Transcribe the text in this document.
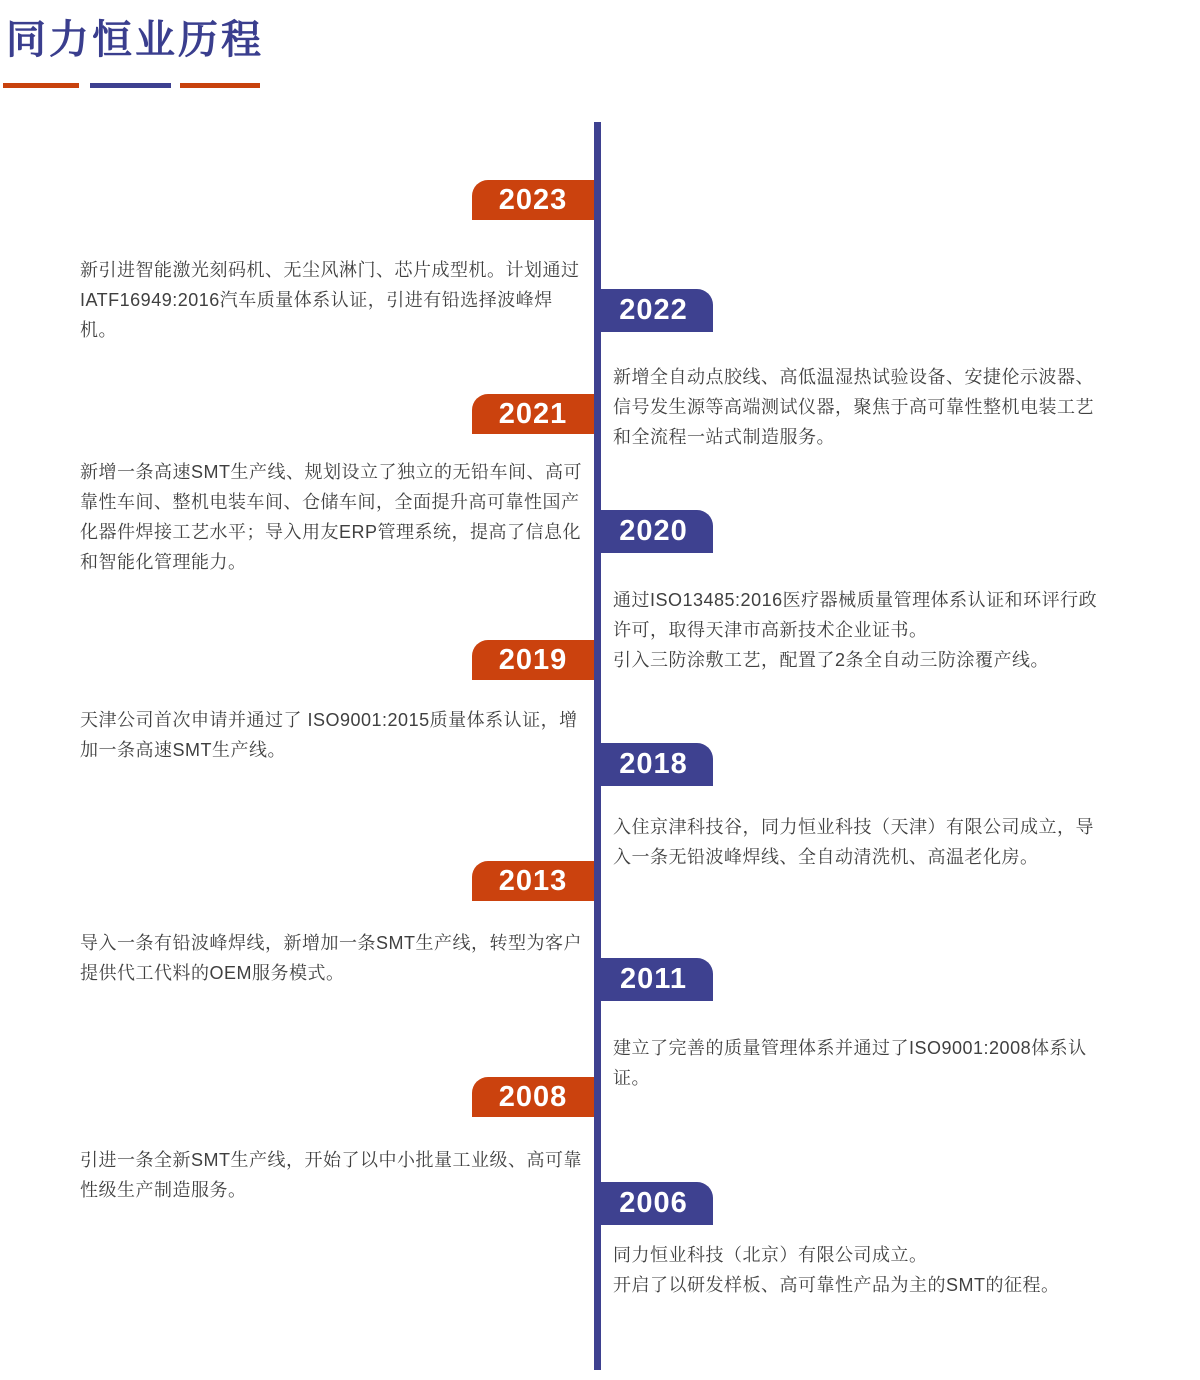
同力恒业历程
2023

新引进智能激光刻码机、无尘风淋门、芯片成型机。计划通过IATF16949:2016汽车质量体系认证，引进有铅选择波峰焊机。

2022

新增全自动点胶线、高低温湿热试验设备、安捷伦示波器、信号发生源等高端测试仪器，聚焦于高可靠性整机电装工艺和全流程一站式制造服务。

2021

新增一条高速SMT生产线、规划设立了独立的无铅车间、高可靠性车间、整机电装车间、仓储车间，全面提升高可靠性国产化器件焊接工艺水平；导入用友ERP管理系统，提高了信息化和智能化管理能力。

2020

通过ISO13485:2016医疗器械质量管理体系认证和环评行政许可，取得天津市高新技术企业证书。
引入三防涂敷工艺，配置了2条全自动三防涂覆产线。

2019

天津公司首次申请并通过了 ISO9001:2015质量体系认证，增加一条高速SMT生产线。	2018

入住京津科技谷，同力恒业科技（天津）有限公司成立，导入一条无铅波峰焊线、全自动清洗机、高温老化房。

2013

导入一条有铅波峰焊线，新增加一条SMT生产线，转型为客户提供代工代料的OEM服务模式。	2011

建立了完善的质量管理体系并通过了ISO9001:2008体系认证。

2008

引进一条全新SMT生产线，开始了以中小批量工业级、高可靠性级生产制造服务。	2006

同力恒业科技（北京）有限公司成立。
开启了以研发样板、高可靠性产品为主的SMT的征程。
